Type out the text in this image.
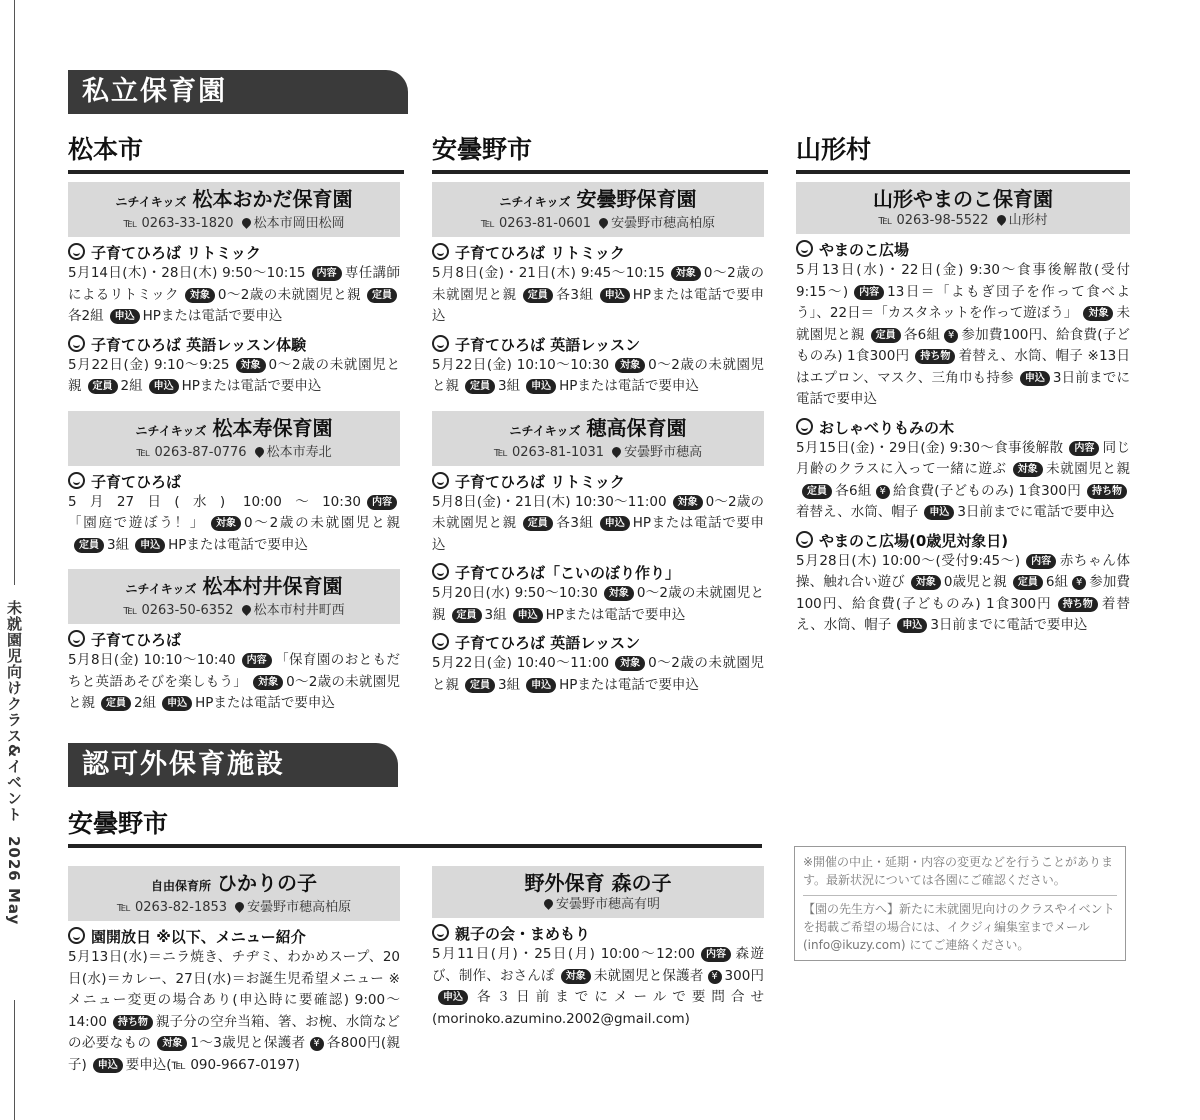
未就園児向けクラス&イベント 2026 May
私立保育園
認可外保育施設
松本市	安曇野市	山形村
安曇野市
ニチイキッズ 松本おかだ保育園
℡ 0263-33-1820 松本市岡田松岡
子育てひろば リトミック
5月14日(木)・28日(木) 9:50〜10:15 内容 専任講師によるリトミック 対象 0〜2歳の未就園児と親 定員各2組 申込 HPまたは電話で要申込
子育てひろば 英語レッスン体験
5月22日(金) 9:10〜9:25 対象 0〜2歳の未就園児と親 定員 2組 申込 HPまたは電話で要申込
ニチイキッズ 松本寿保育園
℡ 0263-87-0776 松本市寿北
子育てひろば
5月27日(水) 10:00〜10:30 内容「園庭で遊ぼう！」 対象 0〜2歳の未就園児と親定員 3組 申込 HPまたは電話で要申込
ニチイキッズ 松本村井保育園
℡ 0263-50-6352 松本市村井町西
子育てひろば
5月8日(金) 10:10〜10:40 内容 「保育園のおともだちと英語あそびを楽しもう」 対象 0〜2歳の未就園児と親 定員 2組 申込 HPまたは電話で要申込
ニチイキッズ 安曇野保育園
℡ 0263-81-0601 安曇野市穂高柏原
子育てひろば リトミック
5月8日(金)・21日(木) 9:45〜10:15 対象 0〜2歳の未就園児と親 定員 各3組 申込 HPまたは電話で要申込
子育てひろば 英語レッスン
5月22日(金) 10:10〜10:30 対象 0〜2歳の未就園児と親 定員 3組 申込 HPまたは電話で要申込
ニチイキッズ 穂高保育園
℡ 0263-81-1031 安曇野市穂高
子育てひろば リトミック
5月8日(金)・21日(木) 10:30〜11:00 対象 0〜2歳の未就園児と親 定員 各3組 申込 HPまたは電話で要申込
子育てひろば「こいのぼり作り」
5月20日(水) 9:50〜10:30 対象 0〜2歳の未就園児と親 定員 3組 申込 HPまたは電話で要申込
子育てひろば 英語レッスン
5月22日(金) 10:40〜11:00 対象 0〜2歳の未就園児と親 定員 3組 申込 HPまたは電話で要申込
山形やまのこ保育園
℡ 0263-98-5522 山形村
やまのこ広場
5月13日(水)・22日(金) 9:30〜食事後解散(受付9:15〜) 内容 13日＝「よもぎ団子を作って食べよう」、22日＝「カスタネットを作って遊ぼう」 対象 未就園児と親 定員 各6組 ¥ 参加費100円、給食費(子どものみ) 1食300円 持ち物 着替え、水筒、帽子 ※13日はエプロン、マスク、三角巾も持参 申込 3日前までに電話で要申込
おしゃべりもみの木
5月15日(金)・29日(金) 9:30〜食事後解散 内容 同じ月齢のクラスに入って一緒に遊ぶ 対象 未就園児と親定員 各6組 ¥ 給食費(子どものみ) 1食300円 持ち物着替え、水筒、帽子 申込 3日前までに電話で要申込
やまのこ広場(0歳児対象日)
5月28日(木) 10:00〜(受付9:45〜) 内容 赤ちゃん体操、触れ合い遊び 対象 0歳児と親 定員 6組 ¥ 参加費100円、給食費(子どものみ) 1食300円 持ち物 着替え、水筒、帽子 申込 3日前までに電話で要申込
自由保育所 ひかりの子
℡ 0263-82-1853 安曇野市穂高柏原
園開放日 ※以下、メニュー紹介
5月13日(水)＝ニラ焼き、チヂミ、わかめスープ、20日(水)＝カレー、27日(水)＝お誕生児希望メニュー ※メニュー変更の場合あり(申込時に要確認) 9:00〜14:00 持ち物 親子分の空弁当箱、箸、お椀、水筒などの必要なもの 対象 1〜3歳児と保護者 ¥ 各800円(親子) 申込 要申込(℡ 090-9667-0197)
野外保育 森の子
安曇野市穂高有明
親子の会・まめもり
5月11日(月)・25日(月) 10:00〜12:00 内容 森遊び、制作、おさんぽ 対象 未就園児と保護者 ¥ 300円申込 各３日前までにメールで要問合せ (morinoko.azumino.2002@gmail.com)

※開催の中止・延期・内容の変更などを行うことがあります。最新状況については各園にご確認ください。

【園の先生方へ】新たに未就園児向けのクラスやイベントを掲載ご希望の場合には、イクジィ編集室までメール(info@ikuzy.com) にてご連絡ください。
